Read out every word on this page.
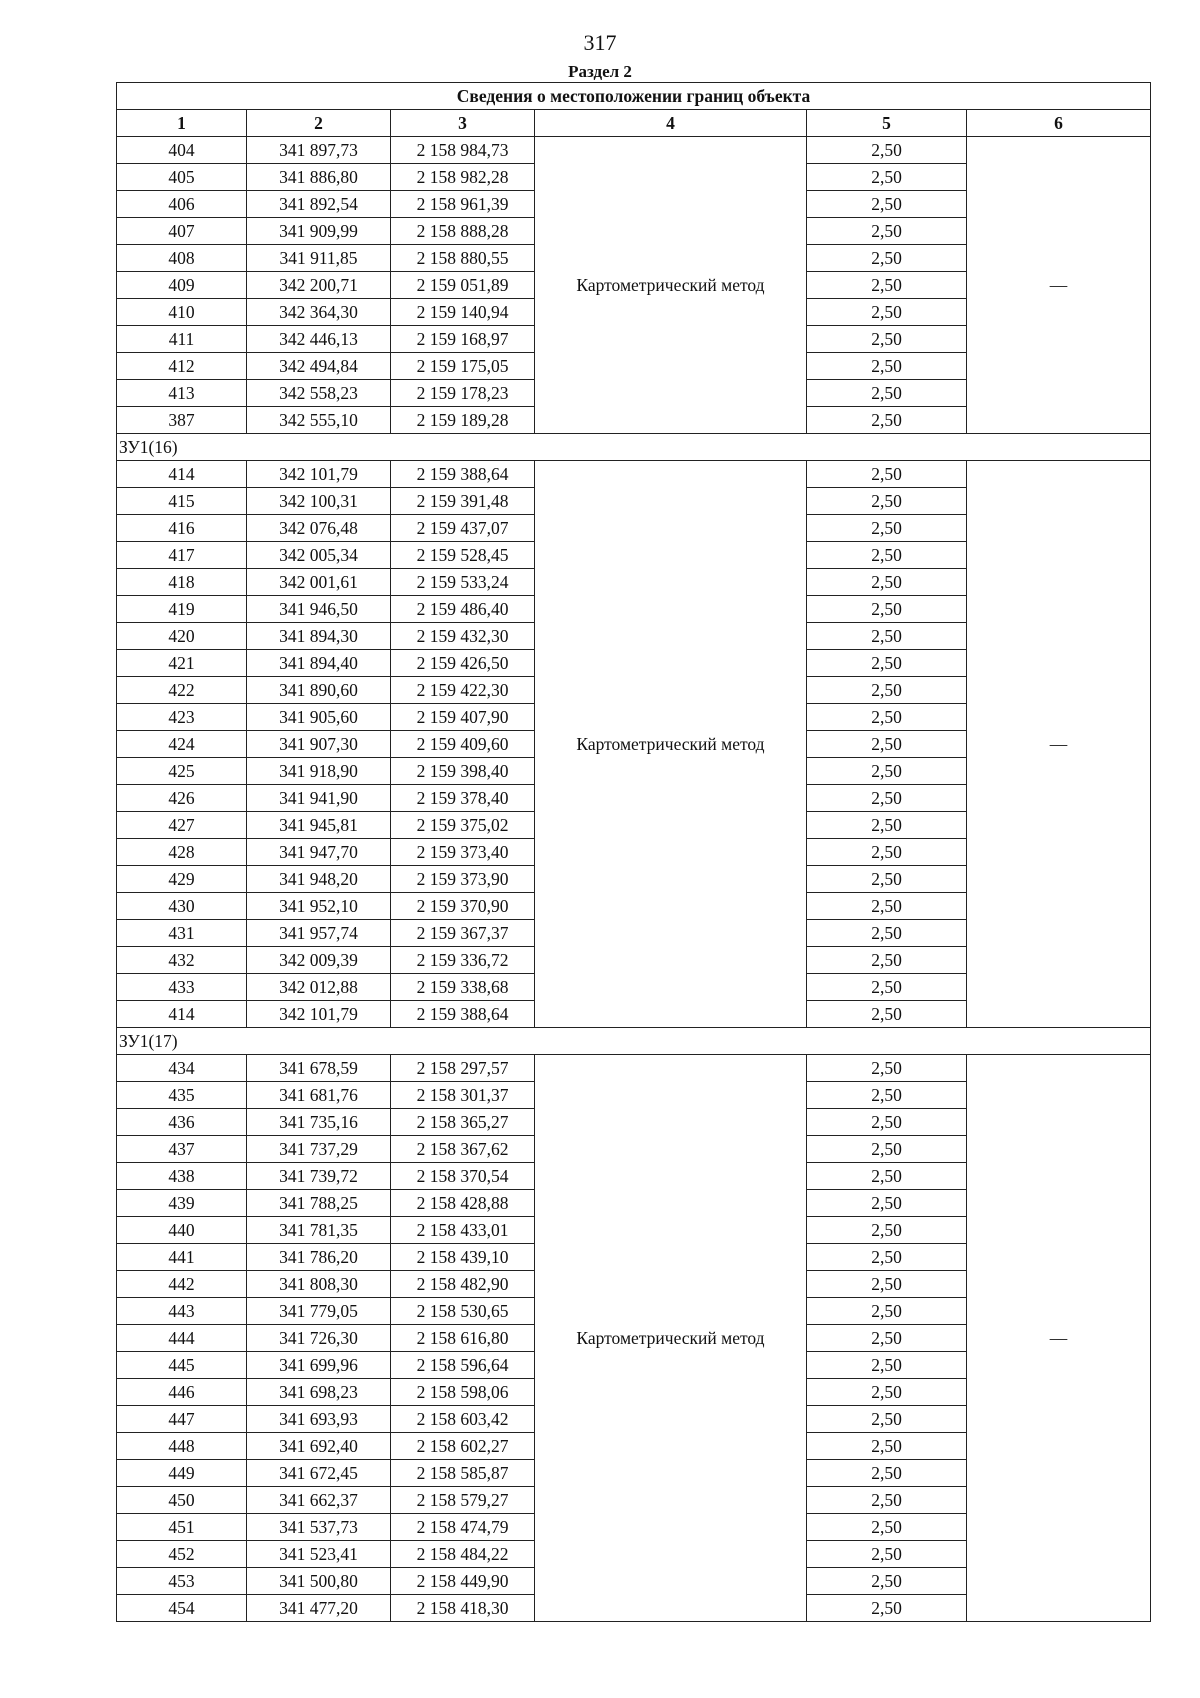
317
Раздел 2
Сведения о местоположении границ объекта					
1	2	3	4	5	6
404	341 897,73	2 158 984,73	Картометрический метод	2,50	—
405	341 886,80	2 158 982,28		2,50	
406	341 892,54	2 158 961,39		2,50	
407	341 909,99	2 158 888,28		2,50	
408	341 911,85	2 158 880,55		2,50	
409	342 200,71	2 159 051,89		2,50	
410	342 364,30	2 159 140,94		2,50	
411	342 446,13	2 159 168,97		2,50	
412	342 494,84	2 159 175,05		2,50	
413	342 558,23	2 159 178,23		2,50	
387	342 555,10	2 159 189,28		2,50	
ЗУ1(16)					
414	342 101,79	2 159 388,64	Картометрический метод	2,50	—
415	342 100,31	2 159 391,48		2,50	
416	342 076,48	2 159 437,07		2,50	
417	342 005,34	2 159 528,45		2,50	
418	342 001,61	2 159 533,24		2,50	
419	341 946,50	2 159 486,40		2,50	
420	341 894,30	2 159 432,30		2,50	
421	341 894,40	2 159 426,50		2,50	
422	341 890,60	2 159 422,30		2,50	
423	341 905,60	2 159 407,90		2,50	
424	341 907,30	2 159 409,60		2,50	
425	341 918,90	2 159 398,40		2,50	
426	341 941,90	2 159 378,40		2,50	
427	341 945,81	2 159 375,02		2,50	
428	341 947,70	2 159 373,40		2,50	
429	341 948,20	2 159 373,90		2,50	
430	341 952,10	2 159 370,90		2,50	
431	341 957,74	2 159 367,37		2,50	
432	342 009,39	2 159 336,72		2,50	
433	342 012,88	2 159 338,68		2,50	
414	342 101,79	2 159 388,64		2,50	
ЗУ1(17)					
434	341 678,59	2 158 297,57	Картометрический метод	2,50	—
435	341 681,76	2 158 301,37		2,50	
436	341 735,16	2 158 365,27		2,50	
437	341 737,29	2 158 367,62		2,50	
438	341 739,72	2 158 370,54		2,50	
439	341 788,25	2 158 428,88		2,50	
440	341 781,35	2 158 433,01		2,50	
441	341 786,20	2 158 439,10		2,50	
442	341 808,30	2 158 482,90		2,50	
443	341 779,05	2 158 530,65		2,50	
444	341 726,30	2 158 616,80		2,50	
445	341 699,96	2 158 596,64		2,50	
446	341 698,23	2 158 598,06		2,50	
447	341 693,93	2 158 603,42		2,50	
448	341 692,40	2 158 602,27		2,50	
449	341 672,45	2 158 585,87		2,50	
450	341 662,37	2 158 579,27		2,50	
451	341 537,73	2 158 474,79		2,50	
452	341 523,41	2 158 484,22		2,50	
453	341 500,80	2 158 449,90		2,50	
454	341 477,20	2 158 418,30		2,50	
